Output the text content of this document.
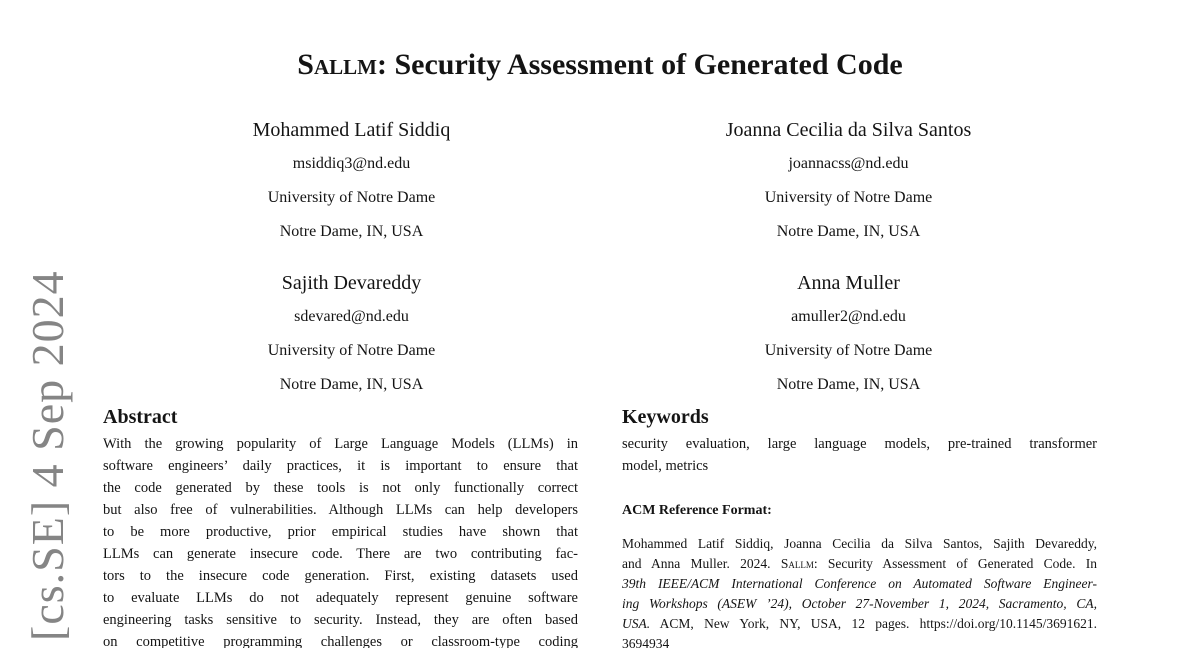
[cs.SE] 4 Sep 2024
Sallm: Security Assessment of Generated Code
Mohammed Latif Siddiq
msiddiq3@nd.edu
University of Notre Dame
Notre Dame, IN, USA
Joanna Cecilia da Silva Santos
joannacss@nd.edu
University of Notre Dame
Notre Dame, IN, USA
Sajith Devareddy
sdevared@nd.edu
University of Notre Dame
Notre Dame, IN, USA
Anna Muller
amuller2@nd.edu
University of Notre Dame
Notre Dame, IN, USA
Abstract
With the growing popularity of Large Language Models (LLMs) in
software engineers’ daily practices, it is important to ensure that
the code generated by these tools is not only functionally correct
but also free of vulnerabilities. Although LLMs can help developers
to be more productive, prior empirical studies have shown that
LLMs can generate insecure code. There are two contributing fac-
tors to the insecure code generation. First, existing datasets used
to evaluate LLMs do not adequately represent genuine software
engineering tasks sensitive to security. Instead, they are often based
on competitive programming challenges or classroom-type coding
Keywords
security evaluation, large language models, pre-trained transformer
model, metrics
ACM Reference Format:
Mohammed Latif Siddiq, Joanna Cecilia da Silva Santos, Sajith Devareddy,
and Anna Muller. 2024. Sallm: Security Assessment of Generated Code. In
39th IEEE/ACM International Conference on Automated Software Engineer-
ing Workshops (ASEW ’24), October 27-November 1, 2024, Sacramento, CA,
USA. ACM, New York, NY, USA, 12 pages. https://doi.org/10.1145/3691621.
3694934
